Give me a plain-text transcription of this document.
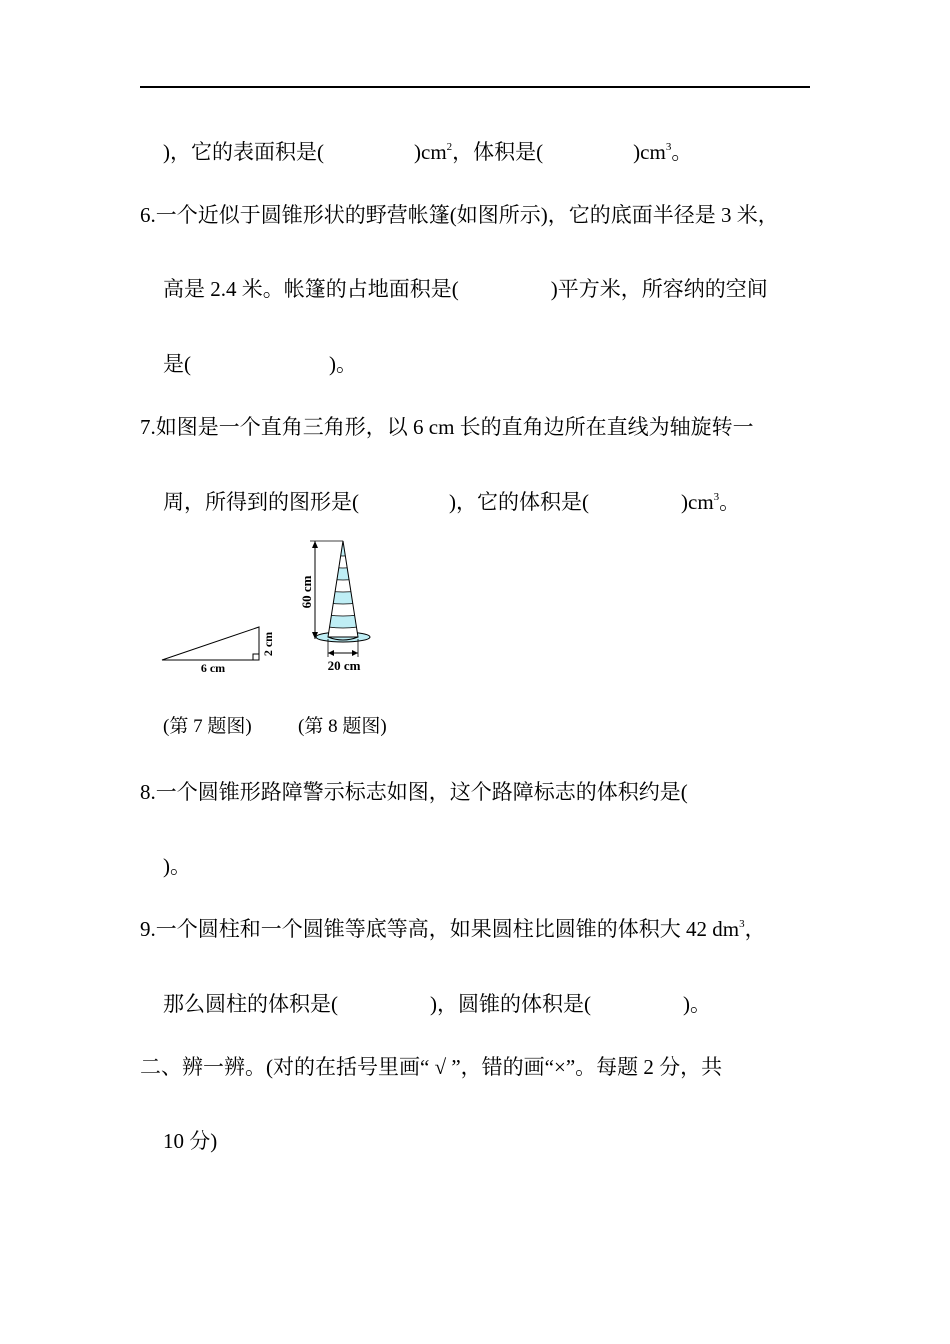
)，它的表面积是(	)$cm^2$，体积是(	)$cm^3$。
6.一个近似于圆锥形状的野营帐篷(如图所示)，它的底面半径是 3 米，
高是 2.4 米。帐篷的占地面积是(	)平方米，所容纳的空间
是(	)。
7.如图是一个直角三角形，以 6 cm 长的直角边所在直线为轴旋转一
周，所得到的图形是(	)，它的体积是(	)$cm^3$。
6 cm
2 cm
60 cm
20 cm
(第 7 题图) (第 8 题图)
8.一个圆锥形路障警示标志如图，这个路障标志的体积约是(
)。
9.一个圆柱和一个圆锥等底等高，如果圆柱比圆锥的体积大 42 $dm^3$，
那么圆柱的体积是(	)，圆锥的体积是(	)。
二、辨一辨。(对的在括号里画“ √ ”，错的画“×”。每题 2 分，共
10 分)
